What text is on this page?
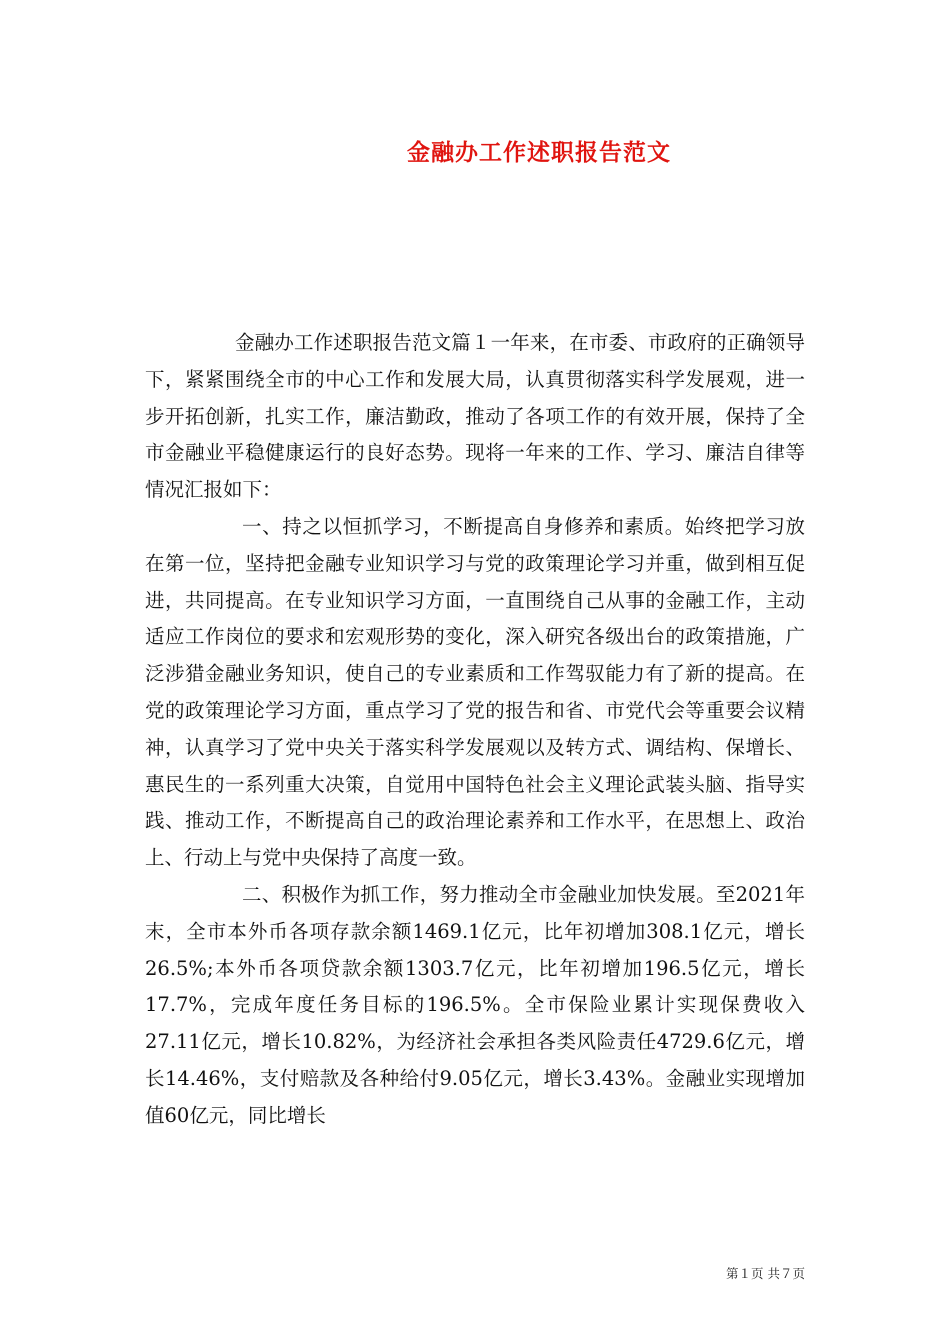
金融办工作述职报告范文

金融办工作述职报告范文篇１一年来，在市委、市政府的正确领导下，紧紧围绕全市的中心工作和发展大局，认真贯彻落实科学发展观，进一步开拓创新，扎实工作，廉洁勤政，推动了各项工作的有效开展，保持了全市金融业平稳健康运行的良好态势。现将一年来的工作、学习、廉洁自律等情况汇报如下：

一、持之以恒抓学习，不断提高自身修养和素质。始终把学习放在第一位，坚持把金融专业知识学习与党的政策理论学习并重，做到相互促进，共同提高。在专业知识学习方面，一直围绕自己从事的金融工作，主动适应工作岗位的要求和宏观形势的变化，深入研究各级出台的政策措施，广泛涉猎金融业务知识，使自己的专业素质和工作驾驭能力有了新的提高。在党的政策理论学习方面，重点学习了党的报告和省、市党代会等重要会议精神，认真学习了党中央关于落实科学发展观以及转方式、调结构、保增长、惠民生的一系列重大决策，自觉用中国特色社会主义理论武装头脑、指导实践、推动工作，不断提高自己的政治理论素养和工作水平，在思想上、政治上、行动上与党中央保持了高度一致。

二、积极作为抓工作，努力推动全市金融业加快发展。至2021年末，全市本外币各项存款余额1469.1亿元，比年初增加308.1亿元，增长26.5%;本外币各项贷款余额1303.7亿元，比年初增加196.5亿元，增长17.7%，完成年度任务目标的196.5%。全市保险业累计实现保费收入27.11亿元，增长10.82%，为经济社会承担各类风险责任4729.6亿元，增长14.46%，支付赔款及各种给付9.05亿元，增长3.43%。金融业实现增加值60亿元，同比增长

第１页 共７页
